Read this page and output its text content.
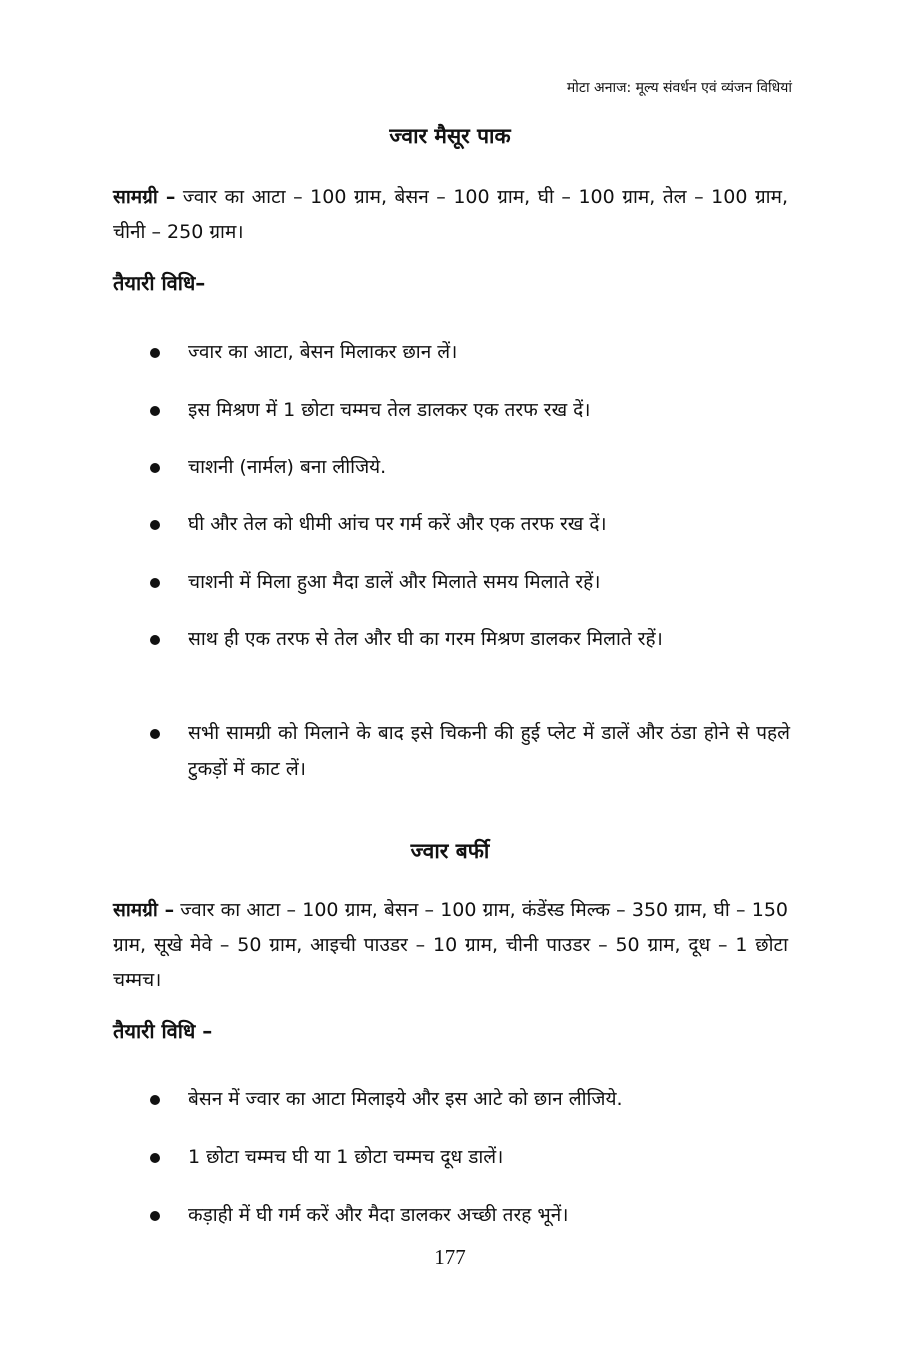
मोटा अनाज: मूल्य संवर्धन एवं व्यंजन विधियां
ज्वार मैसूर पाक
सामग्री – ज्वार का आटा – 100 ग्राम, बेसन – 100 ग्राम, घी – 100 ग्राम, तेल – 100 ग्राम, चीनी – 250 ग्राम।
तैयारी विधि–
ज्वार का आटा, बेसन मिलाकर छान लें।
इस मिश्रण में 1 छोटा चम्मच तेल डालकर एक तरफ रख दें।
चाशनी (नार्मल) बना लीजिये.
घी और तेल को धीमी आंच पर गर्म करें और एक तरफ रख दें।
चाशनी में मिला हुआ मैदा डालें और मिलाते समय मिलाते रहें।
साथ ही एक तरफ से तेल और घी का गरम मिश्रण डालकर मिलाते रहें।
सभी सामग्री को मिलाने के बाद इसे चिकनी की हुई प्लेट में डालें और ठंडा होने से पहले टुकड़ों में काट लें।
ज्वार बर्फी
सामग्री – ज्वार का आटा – 100 ग्राम, बेसन – 100 ग्राम, कंडेंस्ड मिल्क – 350 ग्राम, घी – 150 ग्राम, सूखे मेवे – 50 ग्राम, आइची पाउडर – 10 ग्राम, चीनी पाउडर – 50 ग्राम, दूध – 1 छोटा चम्मच।
तैयारी विधि –
बेसन में ज्वार का आटा मिलाइये और इस आटे को छान लीजिये.
1 छोटा चम्मच घी या 1 छोटा चम्मच दूध डालें।
कड़ाही में घी गर्म करें और मैदा डालकर अच्छी तरह भूनें।
177
